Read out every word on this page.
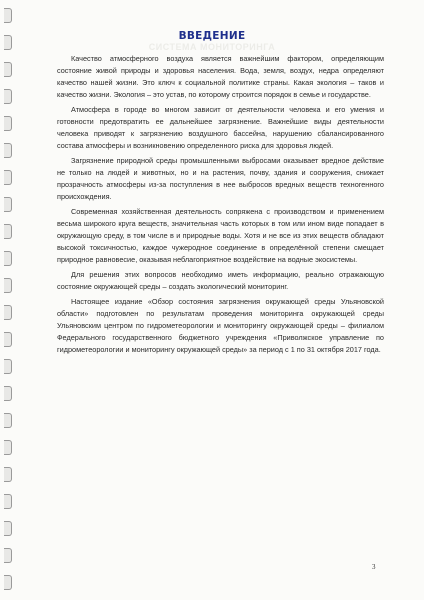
ВВЕДЕНИЕ
СИСТЕМА МОНИТОРИНГА

Качество атмосферного воздуха является важнейшим фактором, определяющим состояние живой природы и здоровья населения. Вода, земля, воздух, недра определяют качество нашей жизни. Это ключ к социальной политике страны. Какая экология – таков и качество жизни. Экология – это устав, по которому строится порядок в семье и государстве.

Атмосфера в городе во многом зависит от деятельности человека и его умения и готовности предотвратить ее дальнейшее загрязнение. Важнейшие виды деятельности человека приводят к загрязнению воздушного бассейна, нарушению сбалансированного состава атмосферы и возникновению определенного риска для здоровья людей.

Загрязнение природной среды промышленными выбросами оказывает вредное действие не только на людей и животных, но и на растения, почву, здания и сооружения, снижает прозрачность атмосферы из-за поступления в нее выбросов вредных веществ техногенного происхождения.

Современная хозяйственная деятельность сопряжена с производством и применением весьма широкого круга веществ, значительная часть которых в том или ином виде попадает в окружающую среду, в том числе в и природные воды. Хотя и не все из этих веществ обладают высокой токсичностью, каждое чужеродное соединение в определённой степени смещает природное равновесие, оказывая неблагоприятное воздействие на водные экосистемы.

Для решения этих вопросов необходимо иметь информацию, реально отражающую состояние окружающей среды – создать экологический мониторинг.

Настоящее издание «Обзор состояния загрязнения окружающей среды Ульяновской области» подготовлен по результатам проведения мониторинга окружающей среды Ульяновским центром по гидрометеорологии и мониторингу окружающей среды – филиалом Федерального государственного бюджетного учреждения «Приволжское управление по гидрометеорологии и мониторингу окружающей среды» за период с 1 по 31 октября 2017 года.

3
